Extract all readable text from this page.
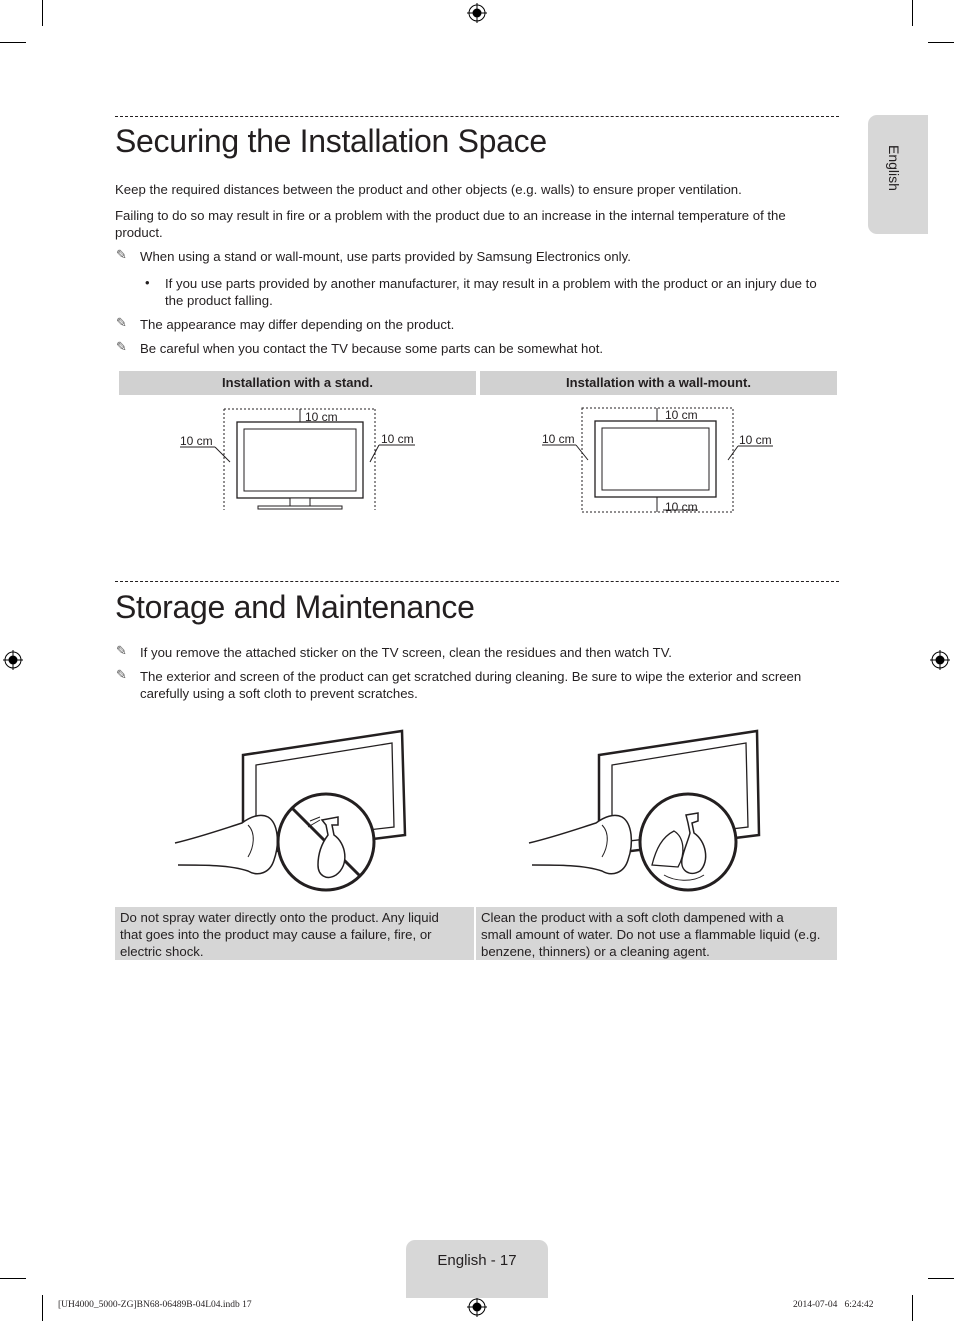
English
Securing the Installation Space
Keep the required distances between the product and other objects (e.g. walls) to ensure proper ventilation.
Failing to do so may result in fire or a problem with the product due to an increase in the internal temperature of the
product.
✎ When using a stand or wall-mount, use parts provided by Samsung Electronics only.
• If you use parts provided by another manufacturer, it may result in a problem with the product or an injury due to
the product falling.
✎ The appearance may differ depending on the product.
✎ Be careful when you contact the TV because some parts can be somewhat hot.
Installation with a stand.	Installation with a wall-mount.
10 cm
10 cm	10 cm
10 cm
10 cm	10 cm
10 cm
Storage and Maintenance
✎ If you remove the attached sticker on the TV screen, clean the residues and then watch TV.
✎ The exterior and screen of the product can get scratched during cleaning. Be sure to wipe the exterior and screen
carefully using a soft cloth to prevent scratches.
Do not spray water directly onto the product. Any liquid
that goes into the product may cause a failure, fire, or
electric shock.
Clean the product with a soft cloth dampened with a
small amount of water. Do not use a flammable liquid (e.g.
benzene, thinners) or a cleaning agent.
English - 17
[UH4000_5000-ZG]BN68-06489B-04L04.indb 17	2014-07-04   6:24:42
